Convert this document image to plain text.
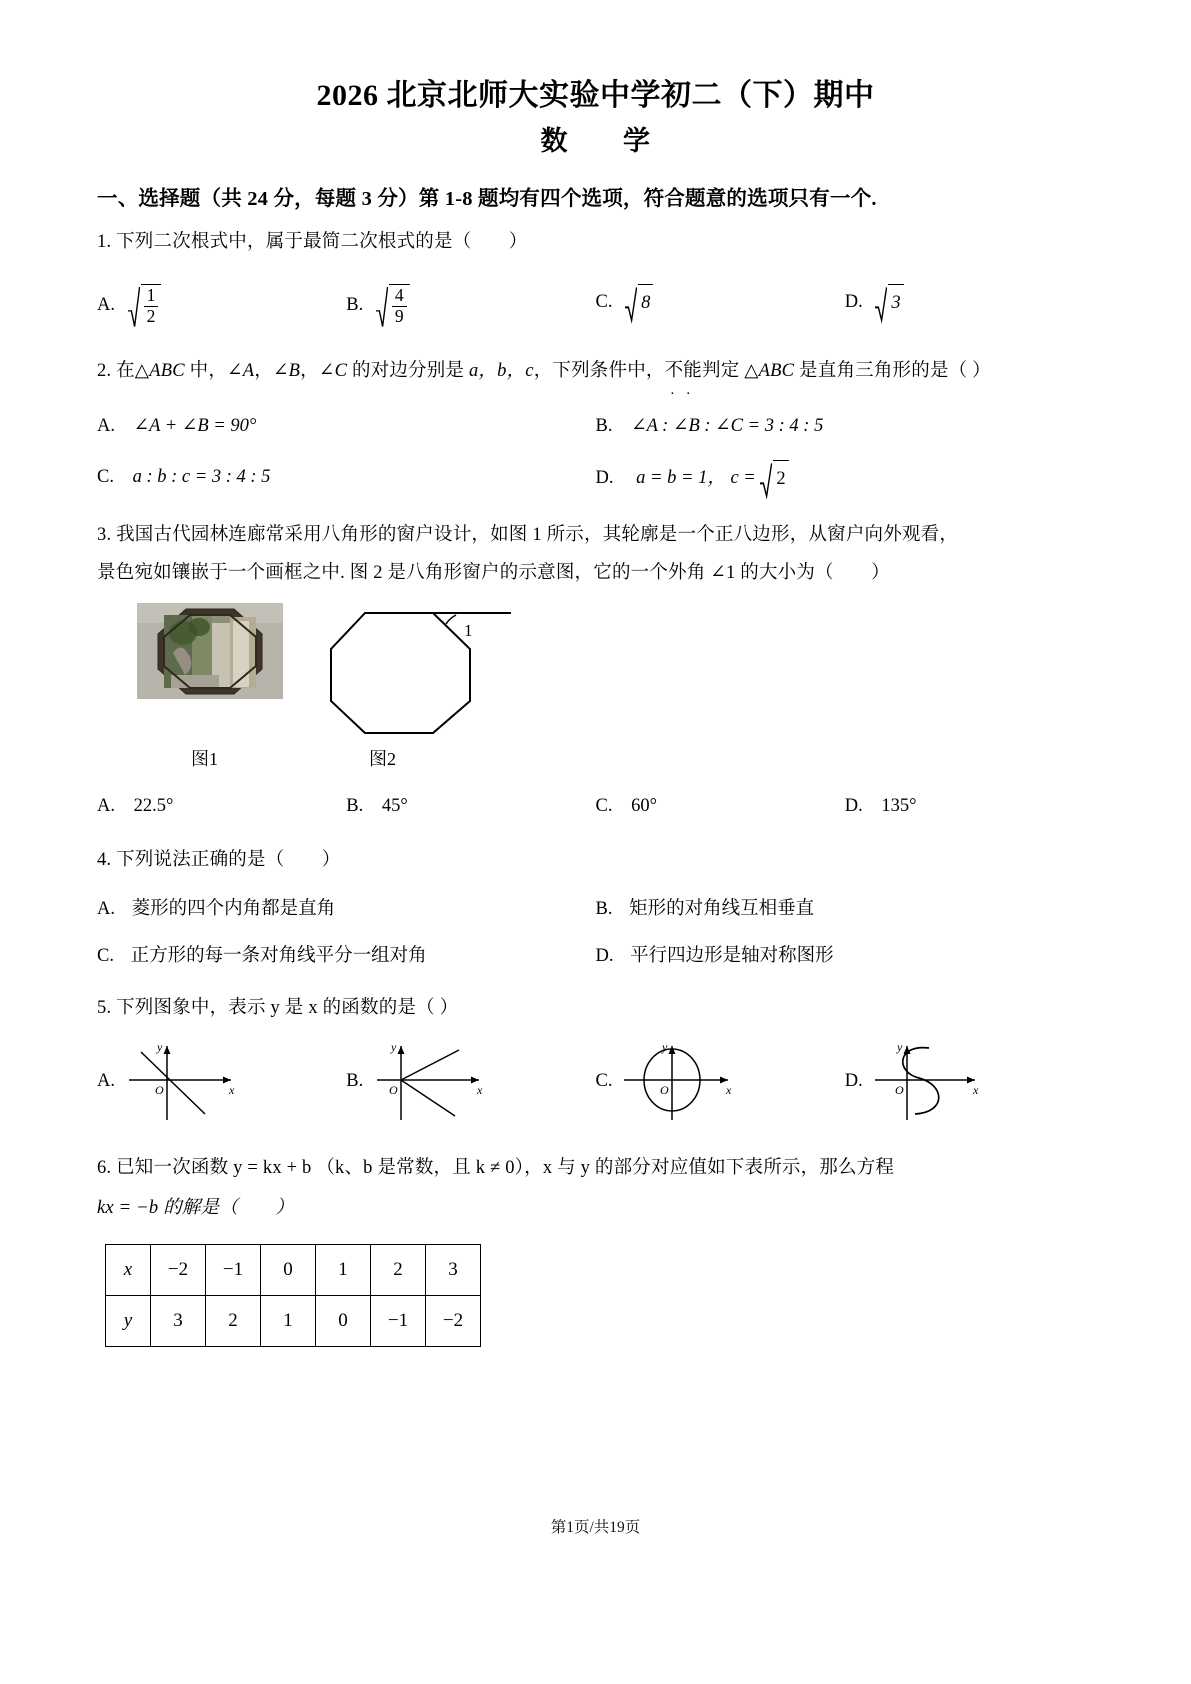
2026 北京北师大实验中学初二（下）期中
数　　学
一、选择题（共 24 分，每题 3 分）第 1-8 题均有四个选项，符合题意的选项只有一个.
1. 下列二次根式中，属于最简二次根式的是（　　）
A. $\frac{1}{2}$	B. $\frac{4}{9}$	C. 8	D. 3
2. 在△ABC 中，∠A，∠B，∠C 的对边分别是 a，b，c，下列条件中，不能 ··判定 △ABC 是直角三角形的是（ ）
A. ∠A + ∠B = 90°	B. ∠A : ∠B : ∠C = 3 : 4 : 5
C. a : b : c = 3 : 4 : 5	D. a = b = 1， c = 2
3. 我国古代园林连廊常采用八角形的窗户设计，如图 1 所示，其轮廓是一个正八边形，从窗户向外观看，
景色宛如镶嵌于一个画框之中. 图 2 是八角形窗户的示意图，它的一个外角 ∠1 的大小为（　　）
1
图1	图2
A. 22.5°	B. 45°	C. 60°	D. 135°
4. 下列说法正确的是（　　）
A. 菱形的四个内角都是直角	B. 矩形的对角线互相垂直
C. 正方形的每一条对角线平分一组对角	D. 平行四边形是轴对称图形
5. 下列图象中，表示 y 是 x 的函数的是（ ）
A.	O	x
y
B. O	x
y
C.	O	x
y
D.	O	x
y
6. 已知一次函数 y = kx + b （k、b 是常数，且 k ≠ 0），x 与 y 的部分对应值如下表所示，那么方程
kx = −b 的解是（　　）
x	−2	−1	0	1	2	3
y	3	2	1	0	−1	−2
第1页/共19页
